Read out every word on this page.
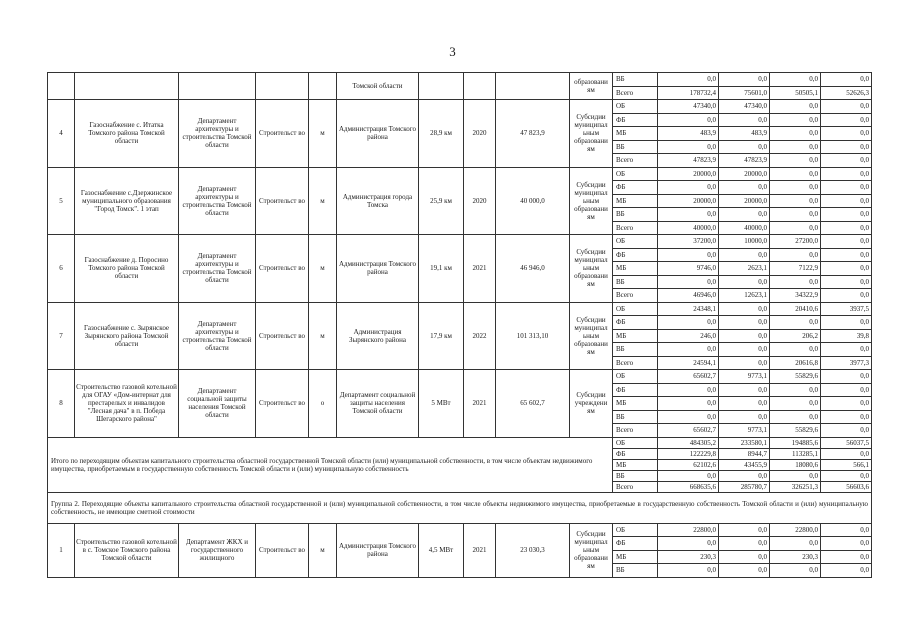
3
					Томской области				образовани ям	ВБ	0,0	0,0	0,0	0,0
										Всего	178732,4	75601,0	50505,1	52626,3
4	Газоснабжение с. Итатка Томского района Томской области	Департамент архитектуры и строительства Томской области	Строительст во	м	Администрация Томского района	28,9 км	2020	47 823,9	Субсидии муниципал ьным образовани ям	ОБ	47340,0	47340,0	0,0	0,0
										ФБ	0,0	0,0	0,0	0,0
										МБ	483,9	483,9	0,0	0,0
										ВБ	0,0	0,0	0,0	0,0
										Всего	47823,9	47823,9	0,0	0,0
5	Газоснабжение с.Дзержинское муниципального образования "Город Томск". 1 этап	Департамент архитектуры и строительства Томской области	Строительст во	м	Администрация города Томска	25,9 км	2020	40 000,0	Субсидии муниципал ьным образовани ям	ОБ	20000,0	20000,0	0,0	0,0
										ФБ	0,0	0,0	0,0	0,0
										МБ	20000,0	20000,0	0,0	0,0
										ВБ	0,0	0,0	0,0	0,0
										Всего	40000,0	40000,0	0,0	0,0
6	Газоснабжение д. Поросино Томского района Томской области	Департамент архитектуры и строительства Томской области	Строительст во	м	Администрация Томского района	19,1 км	2021	46 946,0	Субсидии муниципал ьным образовани ям	ОБ	37200,0	10000,0	27200,0	0,0
										ФБ	0,0	0,0	0,0	0,0
										МБ	9746,0	2623,1	7122,9	0,0
										ВБ	0,0	0,0	0,0	0,0
										Всего	46946,0	12623,1	34322,9	0,0
7	Газоснабжение с. Зырянское Зырянского района Томской области	Департамент архитектуры и строительства Томской области	Строительст во	м	Администрация Зырянского района	17,9 км	2022	101 313,10	Субсидии муниципал ьным образовани ям	ОБ	24348,1	0,0	20410,6	3937,5
										ФБ	0,0	0,0	0,0	0,0
										МБ	246,0	0,0	206,2	39,8
										ВБ	0,0	0,0	0,0	0,0
										Всего	24594,1	0,0	20616,8	3977,3
8	Строительство газовой котельной для ОГАУ «Дом-интернат для престарелых и инвалидов "Лесная дача" в п. Победа Шегарского района"	Департамент социальной защиты населения Томской области	Строительст во	о	Департамент социальной защиты населения Томской области	5 МВт	2021	65 602,7	Субсидии учреждени ям	ОБ	65602,7	9773,1	55829,6	0,0
										ФБ	0,0	0,0	0,0	0,0
										МБ	0,0	0,0	0,0	0,0
										ВБ	0,0	0,0	0,0	0,0
										Всего	65602,7	9773,1	55829,6	0,0
Итого по переходящим объектам капитального строительства областной государственной Томской области (или) муниципальной собственности, в том числе объектам недвижимого имущества, приобретаемым в государственную собственность Томской области и (или) муниципальную собственность										ОБ	484305,2	233580,1	194885,6	56037,5
										ФБ	122229,8	8944,7	113285,1	0,0
										МБ	62102,6	43455,9	18080,6	566,1
										ВБ	0,0	0,0	0,0	0,0
										Всего	668635,6	285780,7	326251,3	56603,6
Группа 2. Переходящие объекты капитального строительства областной государственной и (или) муниципальной собственности, в том числе объекты недвижимого имущества, приобретаемые в государственную собственность Томской области и (или) муниципальную собственность, не имеющие сметной стоимости														
1	Строительство газовой котельной в с. Томское Томского района Томской области	Департамент ЖКХ и государственного жилищного	Строительст во	м	Администрация Томского района	4,5 МВт	2021	23 030,3	Субсидии муниципал ьным образовани ям	ОБ	22800,0	0,0	22800,0	0,0
										ФБ	0,0	0,0	0,0	0,0
										МБ	230,3	0,0	230,3	0,0
										ВБ	0,0	0,0	0,0	0,0
